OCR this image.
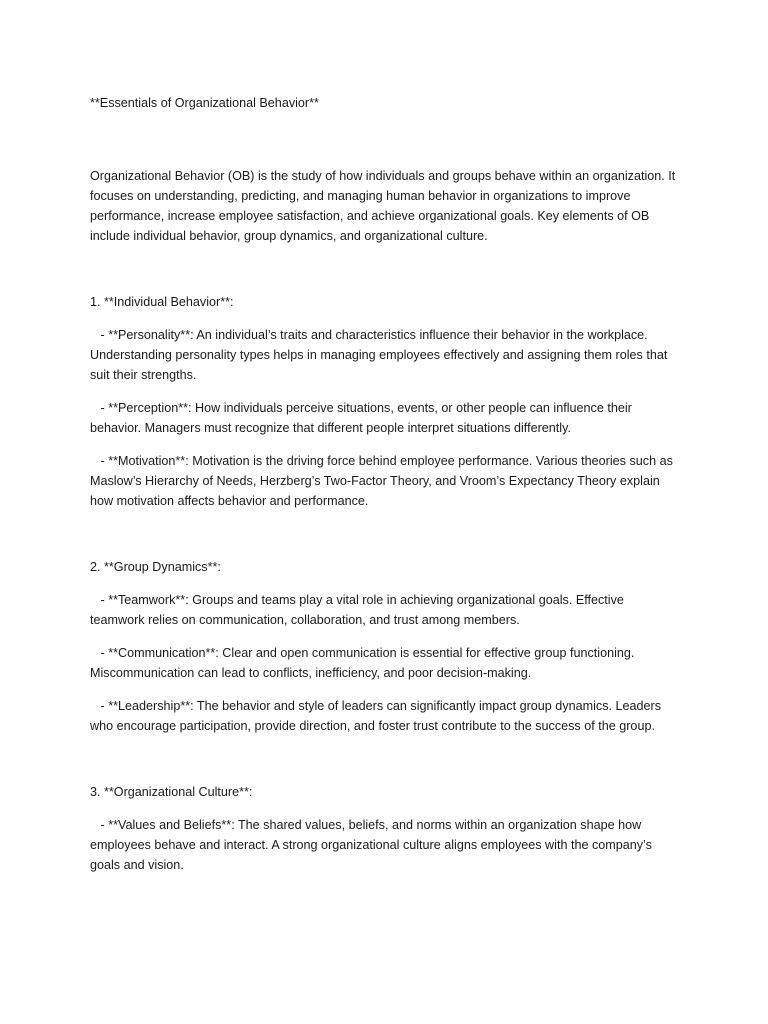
**Essentials of Organizational Behavior**

Organizational Behavior (OB) is the study of how individuals and groups behave within an organization. It focuses on understanding, predicting, and managing human behavior in organizations to improve performance, increase employee satisfaction, and achieve organizational goals. Key elements of OB include individual behavior, group dynamics, and organizational culture.

1. **Individual Behavior**:

- **Personality**: An individual’s traits and characteristics influence their behavior in the workplace. Understanding personality types helps in managing employees effectively and assigning them roles that suit their strengths.

- **Perception**: How individuals perceive situations, events, or other people can influence their behavior. Managers must recognize that different people interpret situations differently.

- **Motivation**: Motivation is the driving force behind employee performance. Various theories such as Maslow’s Hierarchy of Needs, Herzberg’s Two-Factor Theory, and Vroom’s Expectancy Theory explain how motivation affects behavior and performance.

2. **Group Dynamics**:

- **Teamwork**: Groups and teams play a vital role in achieving organizational goals. Effective teamwork relies on communication, collaboration, and trust among members.

- **Communication**: Clear and open communication is essential for effective group functioning. Miscommunication can lead to conflicts, inefficiency, and poor decision-making.

- **Leadership**: The behavior and style of leaders can significantly impact group dynamics. Leaders who encourage participation, provide direction, and foster trust contribute to the success of the group.

3. **Organizational Culture**:

- **Values and Beliefs**: The shared values, beliefs, and norms within an organization shape how employees behave and interact. A strong organizational culture aligns employees with the company’s goals and vision.
